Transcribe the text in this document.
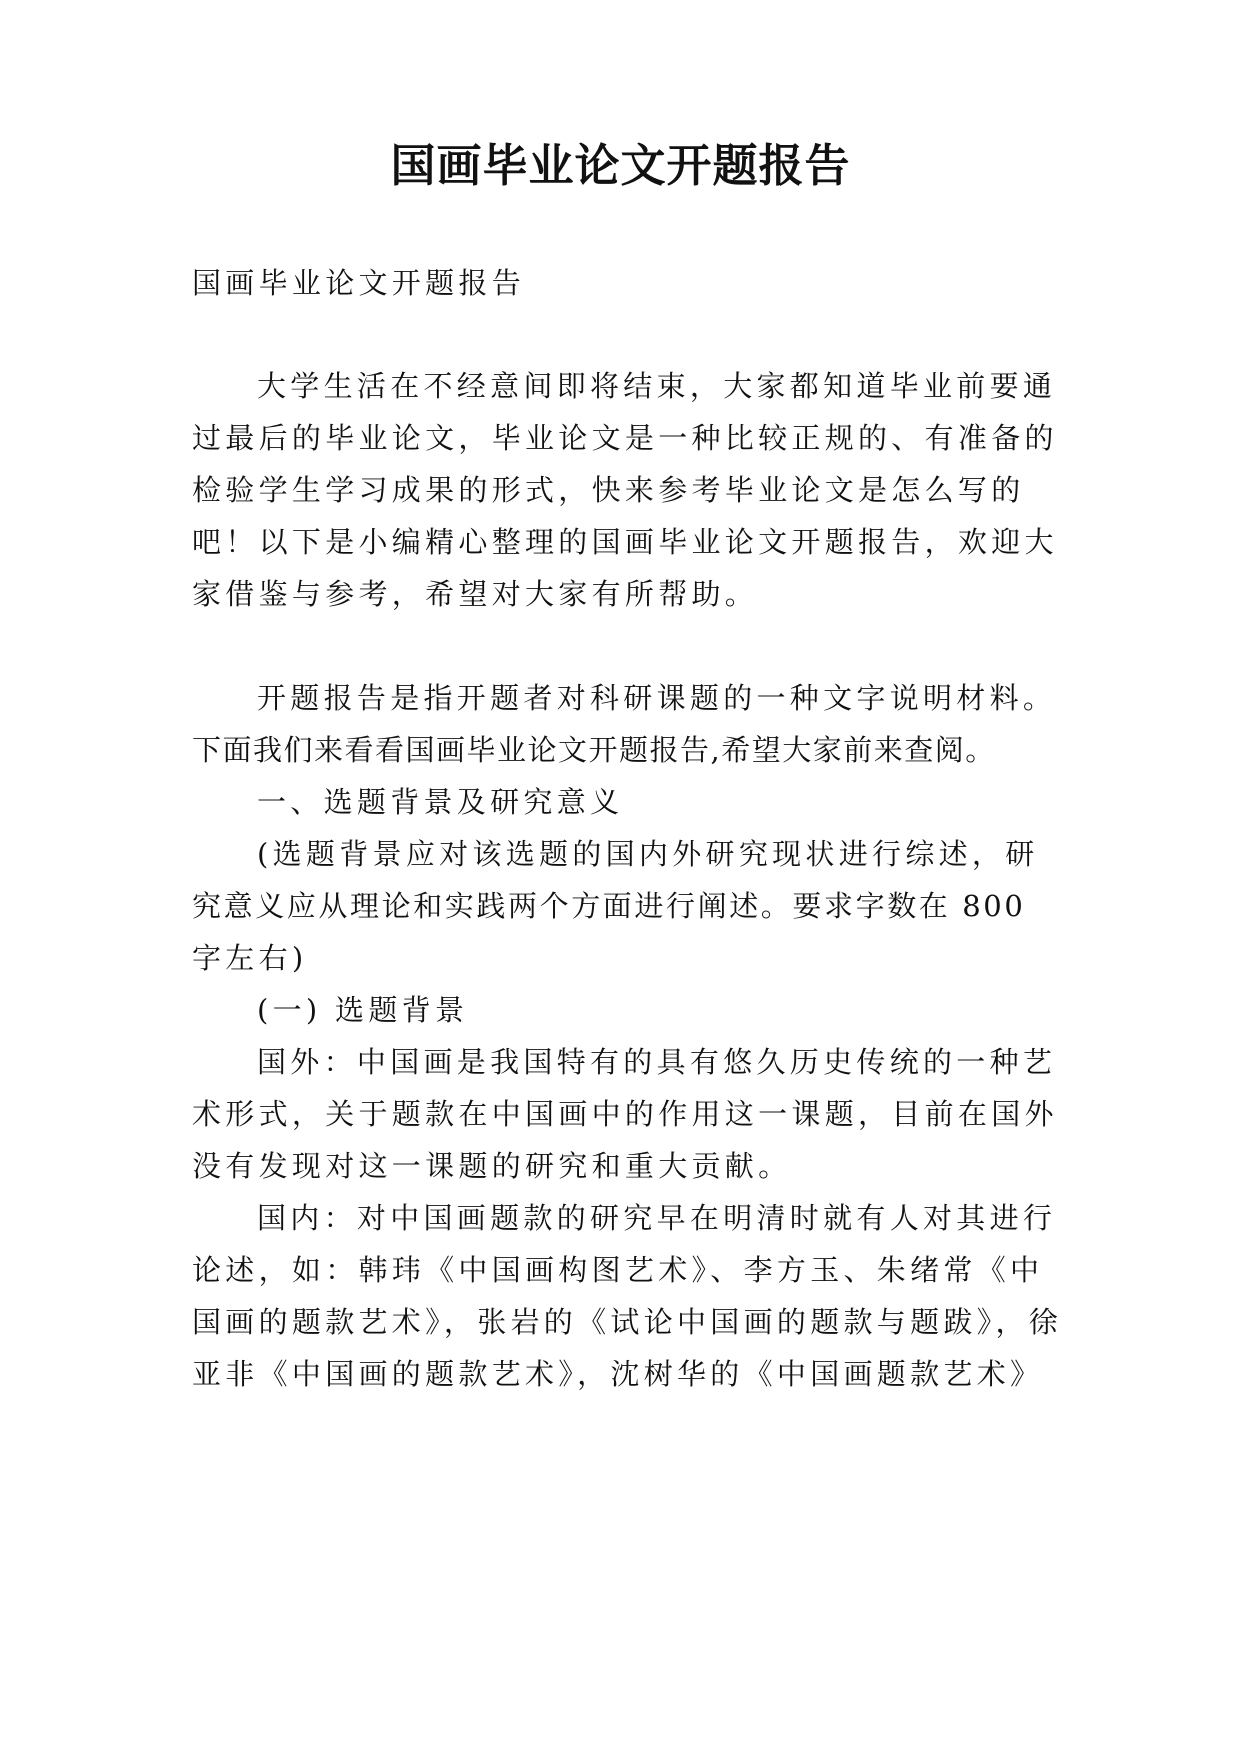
国画毕业论文开题报告
国画毕业论文开题报告
大学生活在不经意间即将结束，大家都知道毕业前要通
过最后的毕业论文，毕业论文是一种比较正规的、有准备的
检验学生学习成果的形式，快来参考毕业论文是怎么写的
吧！以下是小编精心整理的国画毕业论文开题报告，欢迎大
家借鉴与参考，希望对大家有所帮助。
开题报告是指开题者对科研课题的一种文字说明材料。
下面我们来看看国画毕业论文开题报告,希望大家前来查阅。
一、选题背景及研究意义
(选题背景应对该选题的国内外研究现状进行综述，研
究意义应从理论和实践两个方面进行阐述。要求字数在 800
字左右)
(一) 选题背景
国外：中国画是我国特有的具有悠久历史传统的一种艺
术形式，关于题款在中国画中的作用这一课题，目前在国外
没有发现对这一课题的研究和重大贡献。
国内：对中国画题款的研究早在明清时就有人对其进行
论述，如：韩玮《中国画构图艺术》、李方玉、朱绪常《中
国画的题款艺术》，张岩的《试论中国画的题款与题跋》，徐
亚非《中国画的题款艺术》，沈树华的《中国画题款艺术》
